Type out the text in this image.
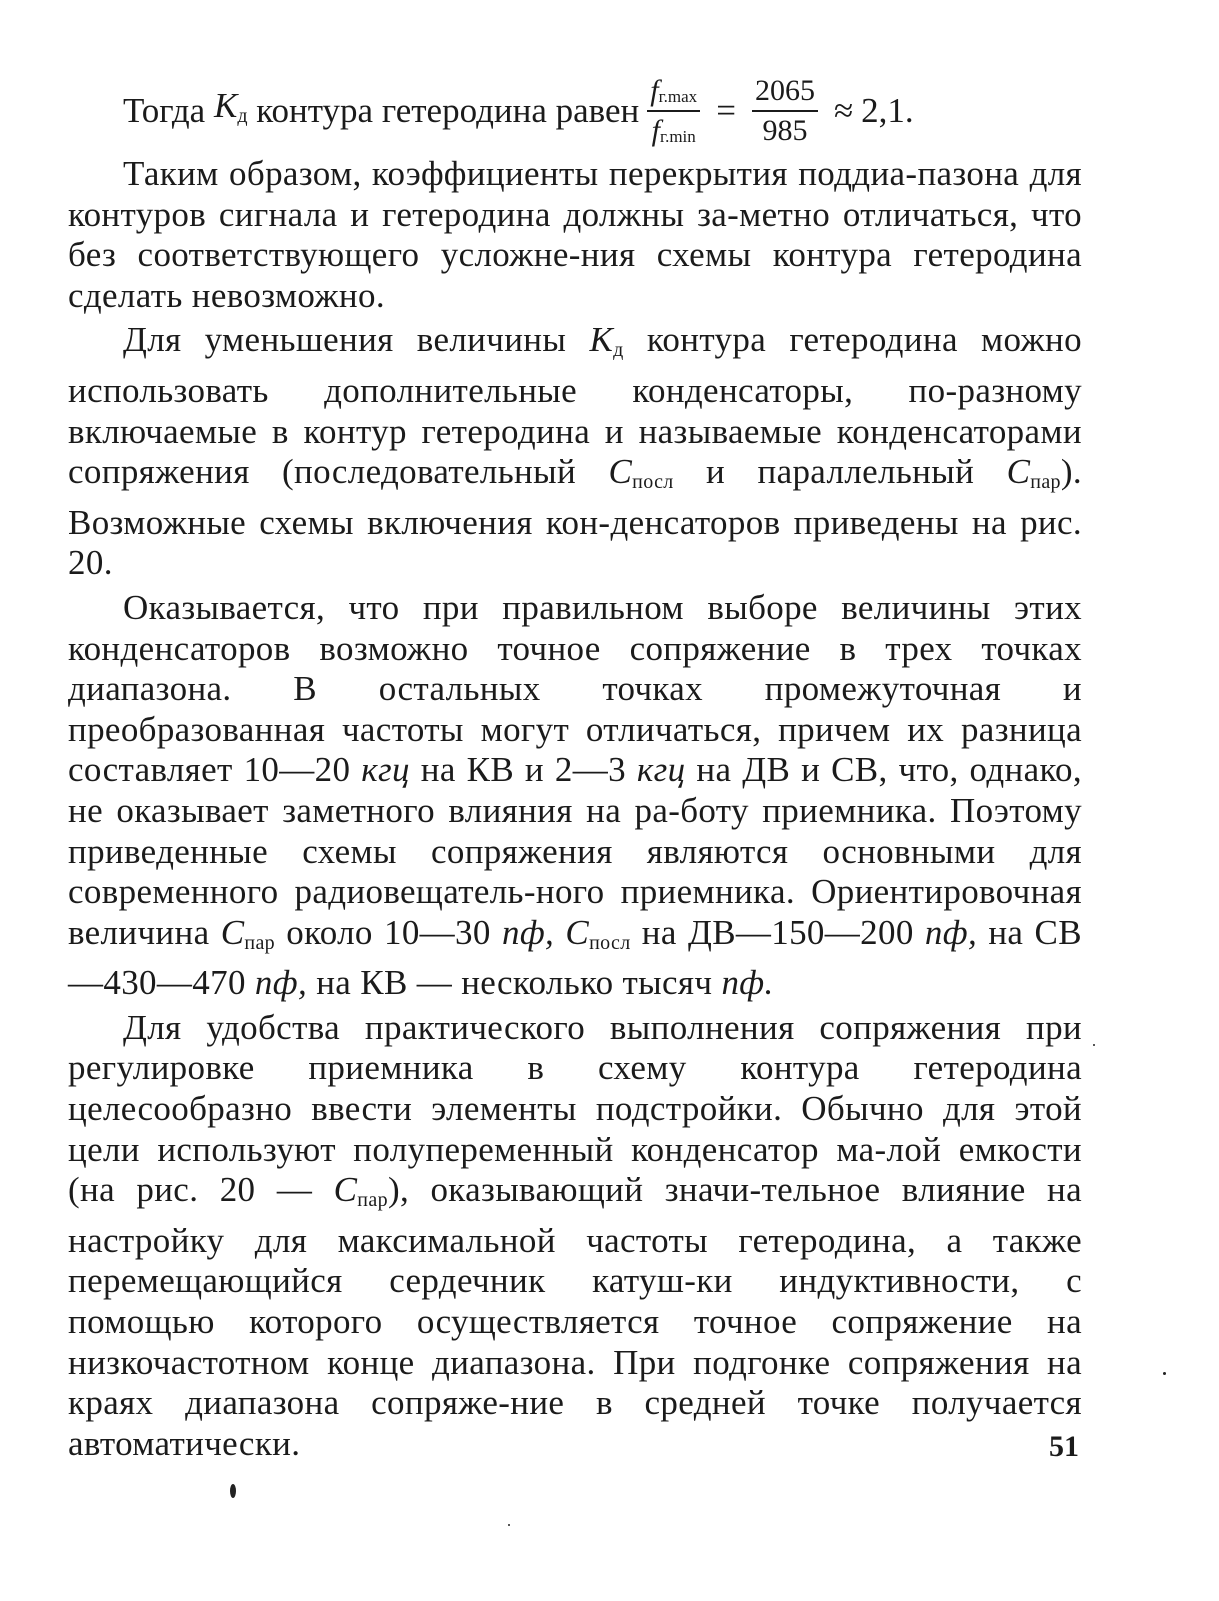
Тогда
$K_д$
контура гетеродина равен $\frac{f_{г.max}}{f_{г.min}} = \frac{2065}{985} \approx 2,1$.

Таким образом, коэффициенты перекрытия поддиа-пазона для контуров сигнала и гетеродина должны за-метно отличаться, что без соответствующего усложне-ния схемы контура гетеродина сделать невозможно.

Для уменьшения величины $K_д$ контура гетеродина можно использовать дополнительные конденсаторы, по-разному включаемые в контур гетеродина и называемые конденсаторами сопряжения (последовательный $C_{посл}$ и параллельный $C_{пар}$). Возможные схемы включения кон-денсаторов приведены на рис. 20.

Оказывается, что при правильном выборе величины этих конденсаторов возможно точное сопряжение в трех точках диапазона. В остальных точках промежуточная и преобразованная частоты могут отличаться, причем их разница составляет 10—20 кгц на КВ и 2—3 кгц на ДВ и СВ, что, однако, не оказывает заметного влияния на ра-боту приемника. Поэтому приведенные схемы сопряжения являются основными для современного радиовещатель-ного приемника. Ориентировочная величина $C_{пар}$ около 10—30 пф, $C_{посл}$ на ДВ—150—200 пф, на СВ—430—470 пф, на КВ — несколько тысяч пф.

Для удобства практического выполнения сопряжения при регулировке приемника в схему контура гетеродина целесообразно ввести элементы подстройки. Обычно для этой цели используют полупеременный конденсатор ма-лой емкости (на рис. 20 — $C_{пар}$), оказывающий значи-тельное влияние на настройку для максимальной частоты гетеродина, а также перемещающийся сердечник катуш-ки индуктивности, с помощью которого осуществляется точное сопряжение на низкочастотном конце диапазона. При подгонке сопряжения на краях диапазона сопряже-ние в средней точке получается автоматически.	51
